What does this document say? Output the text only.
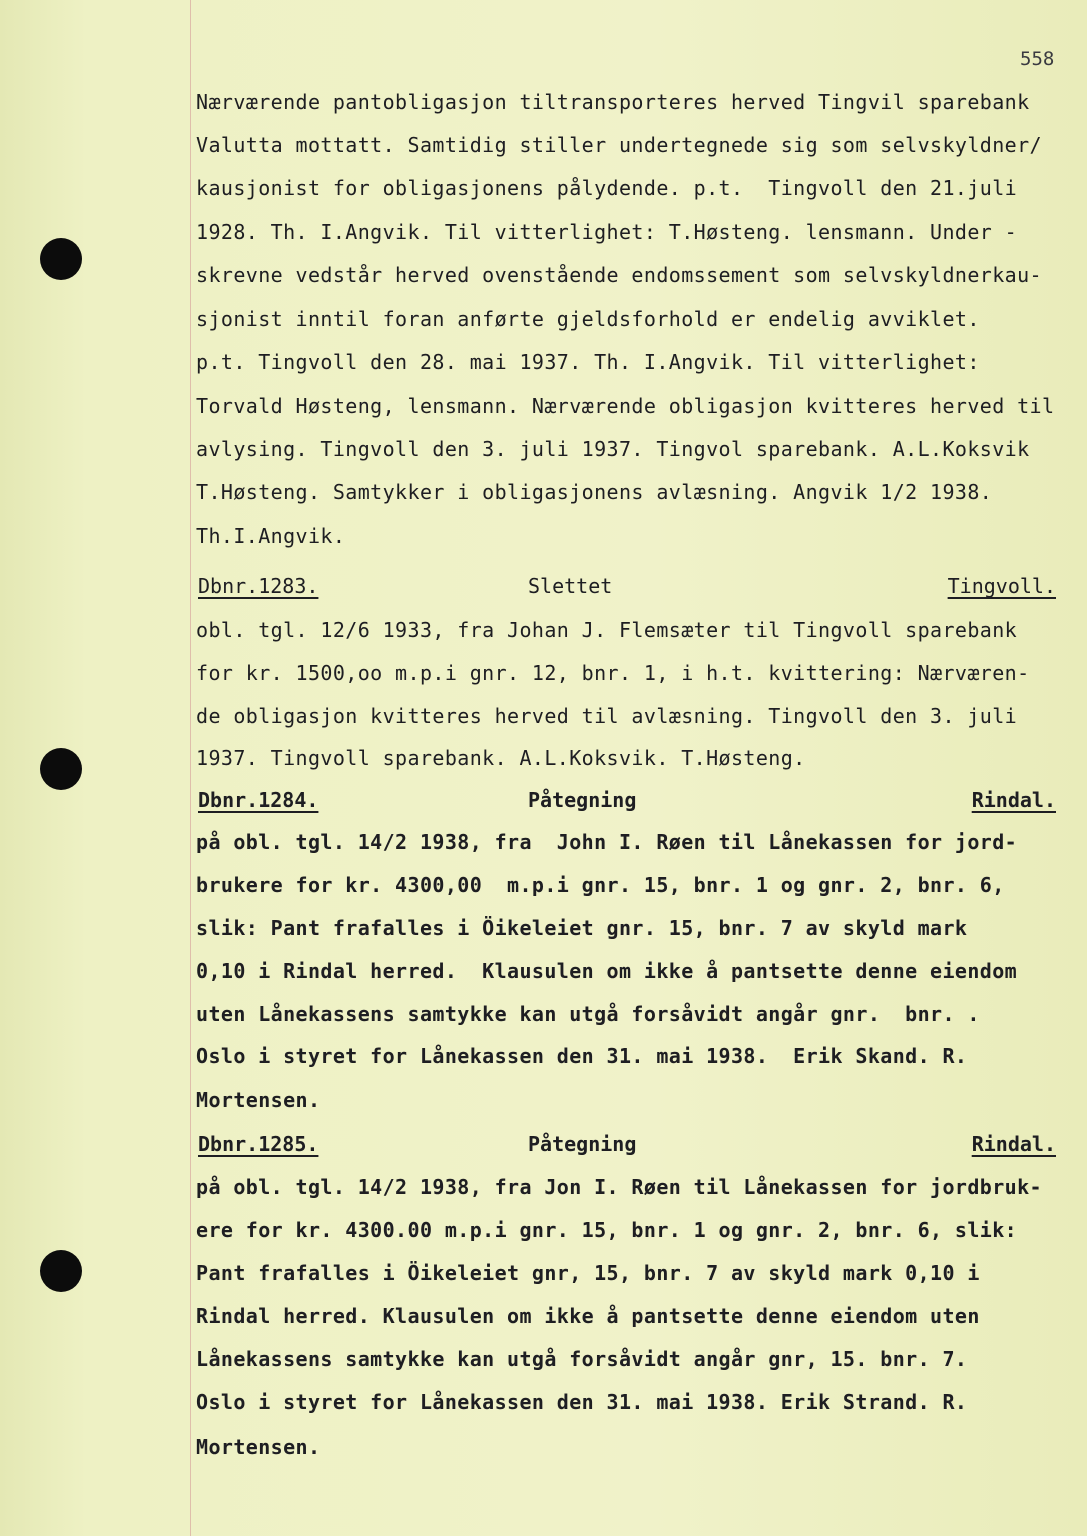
558
Nærværende pantobligasjon tiltransporteres herved Tingvil sparebank
Valutta mottatt. Samtidig stiller undertegnede sig som selvskyldner/
kausjonist for obligasjonens pålydende. p.t.  Tingvoll den 21.juli
1928. Th. I.Angvik. Til vitterlighet: T.Høsteng. lensmann. Under -
skrevne vedstår herved ovenstående endomssement som selvskyldnerkau-
sjonist inntil foran anførte gjeldsforhold er endelig avviklet.
p.t. Tingvoll den 28. mai 1937. Th. I.Angvik. Til vitterlighet:
Torvald Høsteng, lensmann. Nærværende obligasjon kvitteres herved til
avlysing. Tingvoll den 3. juli 1937. Tingvol sparebank. A.L.Koksvik
T.Høsteng. Samtykker i obligasjonens avlæsning. Angvik 1/2 1938.
Th.I.Angvik.
Dbnr.1283.	Slettet	Tingvoll.
obl. tgl. 12/6 1933, fra Johan J. Flemsæter til Tingvoll sparebank
for kr. 1500,oo m.p.i gnr. 12, bnr. 1, i h.t. kvittering: Nærværen-
de obligasjon kvitteres herved til avlæsning. Tingvoll den 3. juli
1937. Tingvoll sparebank. A.L.Koksvik. T.Høsteng.
Dbnr.1284.	Påtegning	Rindal.
på obl. tgl. 14/2 1938, fra  John I. Røen til Lånekassen for jord-
brukere for kr. 4300,00  m.p.i gnr. 15, bnr. 1 og gnr. 2, bnr. 6,
slik: Pant frafalles i Öikeleiet gnr. 15, bnr. 7 av skyld mark
0,10 i Rindal herred.  Klausulen om ikke å pantsette denne eiendom
uten Lånekassens samtykke kan utgå forsåvidt angår gnr.  bnr. .
Oslo i styret for Lånekassen den 31. mai 1938.  Erik Skand. R.
Mortensen.
Dbnr.1285.	Påtegning	Rindal.
på obl. tgl. 14/2 1938, fra Jon I. Røen til Lånekassen for jordbruk-
ere for kr. 4300.00 m.p.i gnr. 15, bnr. 1 og gnr. 2, bnr. 6, slik:
Pant frafalles i Öikeleiet gnr, 15, bnr. 7 av skyld mark 0,10 i
Rindal herred. Klausulen om ikke å pantsette denne eiendom uten
Lånekassens samtykke kan utgå forsåvidt angår gnr, 15. bnr. 7.
Oslo i styret for Lånekassen den 31. mai 1938. Erik Strand. R.
Mortensen.
